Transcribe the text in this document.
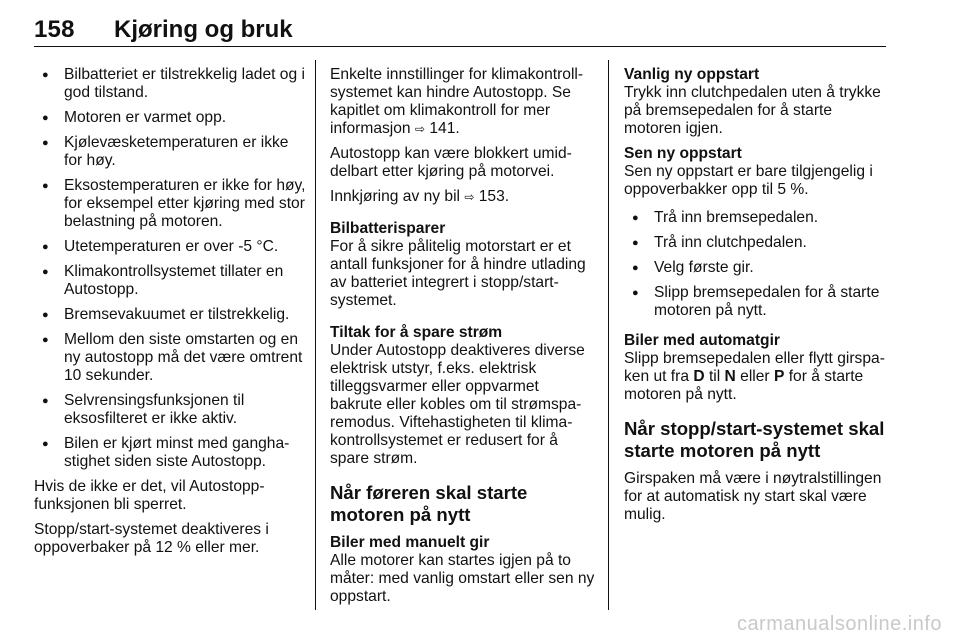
158 Kjøring og bruk
● Bilbatteriet er tilstrekkelig ladet og i god tilstand.
● Motoren er varmet opp.
● Kjølevæsketemperaturen er ikke for høy.
● Eksostemperaturen er ikke for høy, for eksempel etter kjøring med stor belastning på motoren.
● Utetemperaturen er over -5 °C.
● Klimakontrollsystemet tillater en Autostopp.
● Bremsevakuumet er tilstrekkelig.
● Mellom den siste omstarten og en ny autostopp må det være omtrent 10 sekunder.
● Selvrensingsfunksjonen til eksosfilteret er ikke aktiv.
● Bilen er kjørt minst med ganghastighet siden siste Autostopp.

Hvis de ikke er det, vil Autostopp-funksjonen bli sperret.

Stopp/start-systemet deaktiveres i oppoverbaker på 12 % eller mer.

Enkelte innstillinger for klimakontrollsystemet kan hindre Autostopp. Se kapitlet om klimakontroll for mer informasjon ⇨ 141.

Autostopp kan være blokkert umiddelbart etter kjøring på motorvei.

Innkjøring av ny bil ⇨ 153.

Bilbatterisparer

For å sikre pålitelig motorstart er et antall funksjoner for å hindre utlading av batteriet integrert i stopp/start-systemet.

Tiltak for å spare strøm

Under Autostopp deaktiveres diverse elektrisk utstyr, f.eks. elektrisk tilleggsvarmer eller oppvarmet bakrute eller kobles om til strømsparemodus. Viftehastigheten til klimakontrollsystemet er redusert for å spare strøm.

Når føreren skal starte motoren på nytt
Biler med manuelt gir

Alle motorer kan startes igjen på to måter: med vanlig omstart eller sen ny oppstart.

Vanlig ny oppstart

Trykk inn clutchpedalen uten å trykke på bremsepedalen for å starte motoren igjen.

Sen ny oppstart

Sen ny oppstart er bare tilgjengelig i oppoverbakker opp til 5 %.

● Trå inn bremsepedalen.
● Trå inn clutchpedalen.
● Velg første gir.
● Slipp bremsepedalen for å starte motoren på nytt.
Biler med automatgir

Slipp bremsepedalen eller flytt girspaken ut fra D til N eller P for å starte motoren på nytt.

Når stopp/start-systemet skal starte motoren på nytt

Girspaken må være i nøytralstillingen for at automatisk ny start skal være mulig.

carmanualsonline.info
